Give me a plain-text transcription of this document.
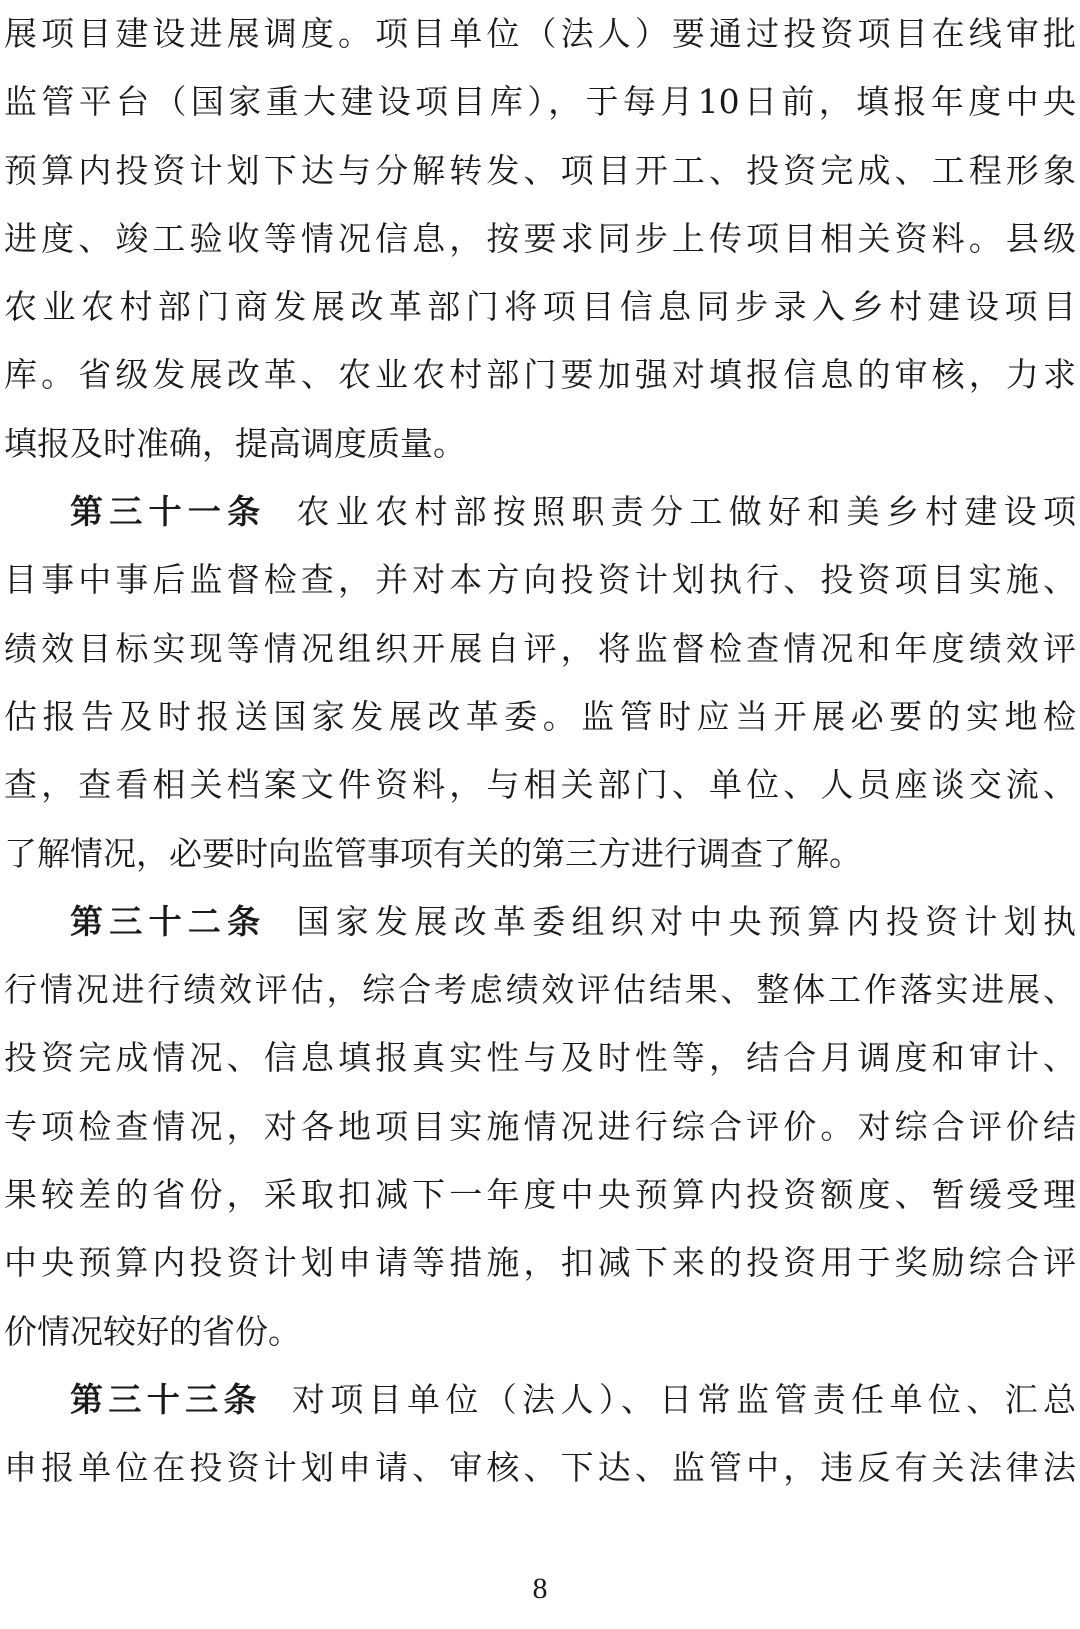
展项目建设进展调度。项目单位（法人）要通过投资项目在线审批
监管平台（国家重大建设项目库），于每月10日前，填报年度中央
预算内投资计划下达与分解转发、项目开工、投资完成、工程形象
进度、竣工验收等情况信息，按要求同步上传项目相关资料。县级
农业农村部门商发展改革部门将项目信息同步录入乡村建设项目
库。省级发展改革、农业农村部门要加强对填报信息的审核，力求
填报及时准确，提高调度质量。
第三十一条 农业农村部按照职责分工做好和美乡村建设项
目事中事后监督检查，并对本方向投资计划执行、投资项目实施、
绩效目标实现等情况组织开展自评，将监督检查情况和年度绩效评
估报告及时报送国家发展改革委。监管时应当开展必要的实地检
查，查看相关档案文件资料，与相关部门、单位、人员座谈交流、
了解情况，必要时向监管事项有关的第三方进行调查了解。
第三十二条 国家发展改革委组织对中央预算内投资计划执
行情况进行绩效评估，综合考虑绩效评估结果、整体工作落实进展、
投资完成情况、信息填报真实性与及时性等，结合月调度和审计、
专项检查情况，对各地项目实施情况进行综合评价。对综合评价结
果较差的省份，采取扣减下一年度中央预算内投资额度、暂缓受理
中央预算内投资计划申请等措施，扣减下来的投资用于奖励综合评
价情况较好的省份。
第三十三条 对项目单位（法人）、日常监管责任单位、汇总
申报单位在投资计划申请、审核、下达、监管中，违反有关法律法
8
